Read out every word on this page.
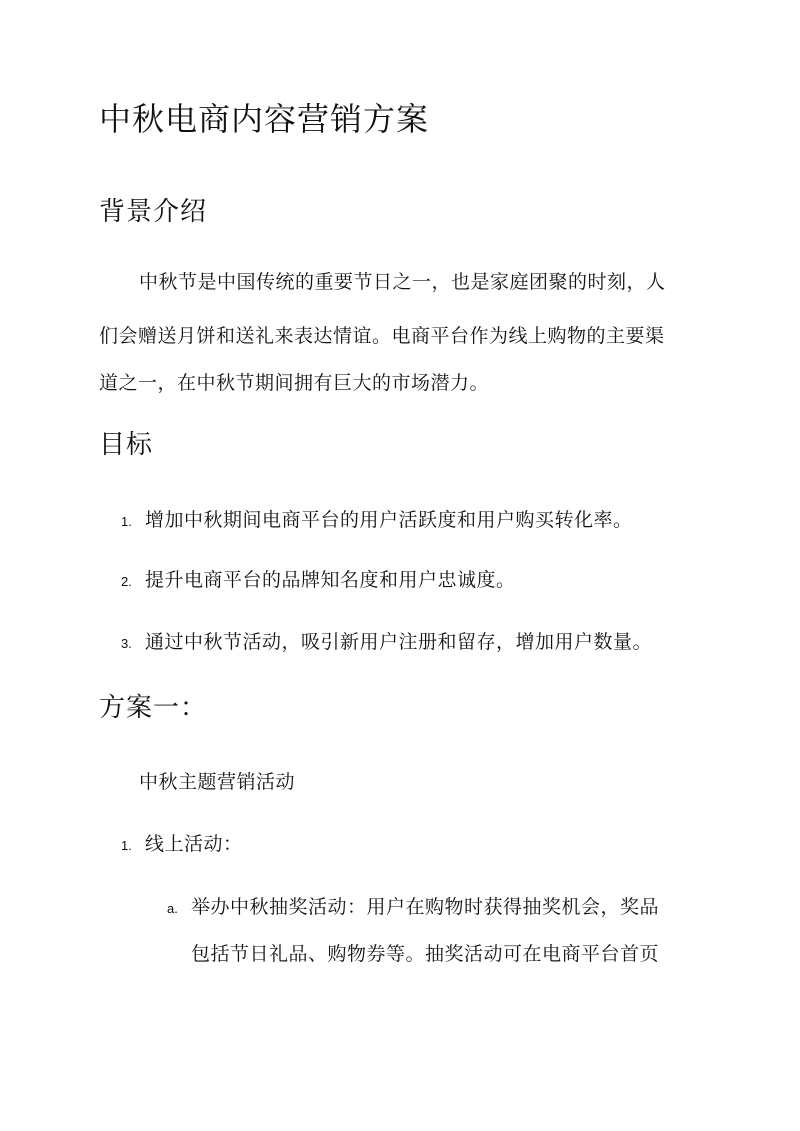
中秋电商内容营销方案
背景介绍
中秋节是中国传统的重要节日之一，也是家庭团聚的时刻，人
们会赠送月饼和送礼来表达情谊。电商平台作为线上购物的主要渠
道之一，在中秋节期间拥有巨大的市场潜力。
目标
1. 增加中秋期间电商平台的用户活跃度和用户购买转化率。
2. 提升电商平台的品牌知名度和用户忠诚度。
3. 通过中秋节活动，吸引新用户注册和留存，增加用户数量。
方案一：
中秋主题营销活动
1. 线上活动：
a. 举办中秋抽奖活动：用户在购物时获得抽奖机会，奖品
包括节日礼品、购物券等。抽奖活动可在电商平台首页
